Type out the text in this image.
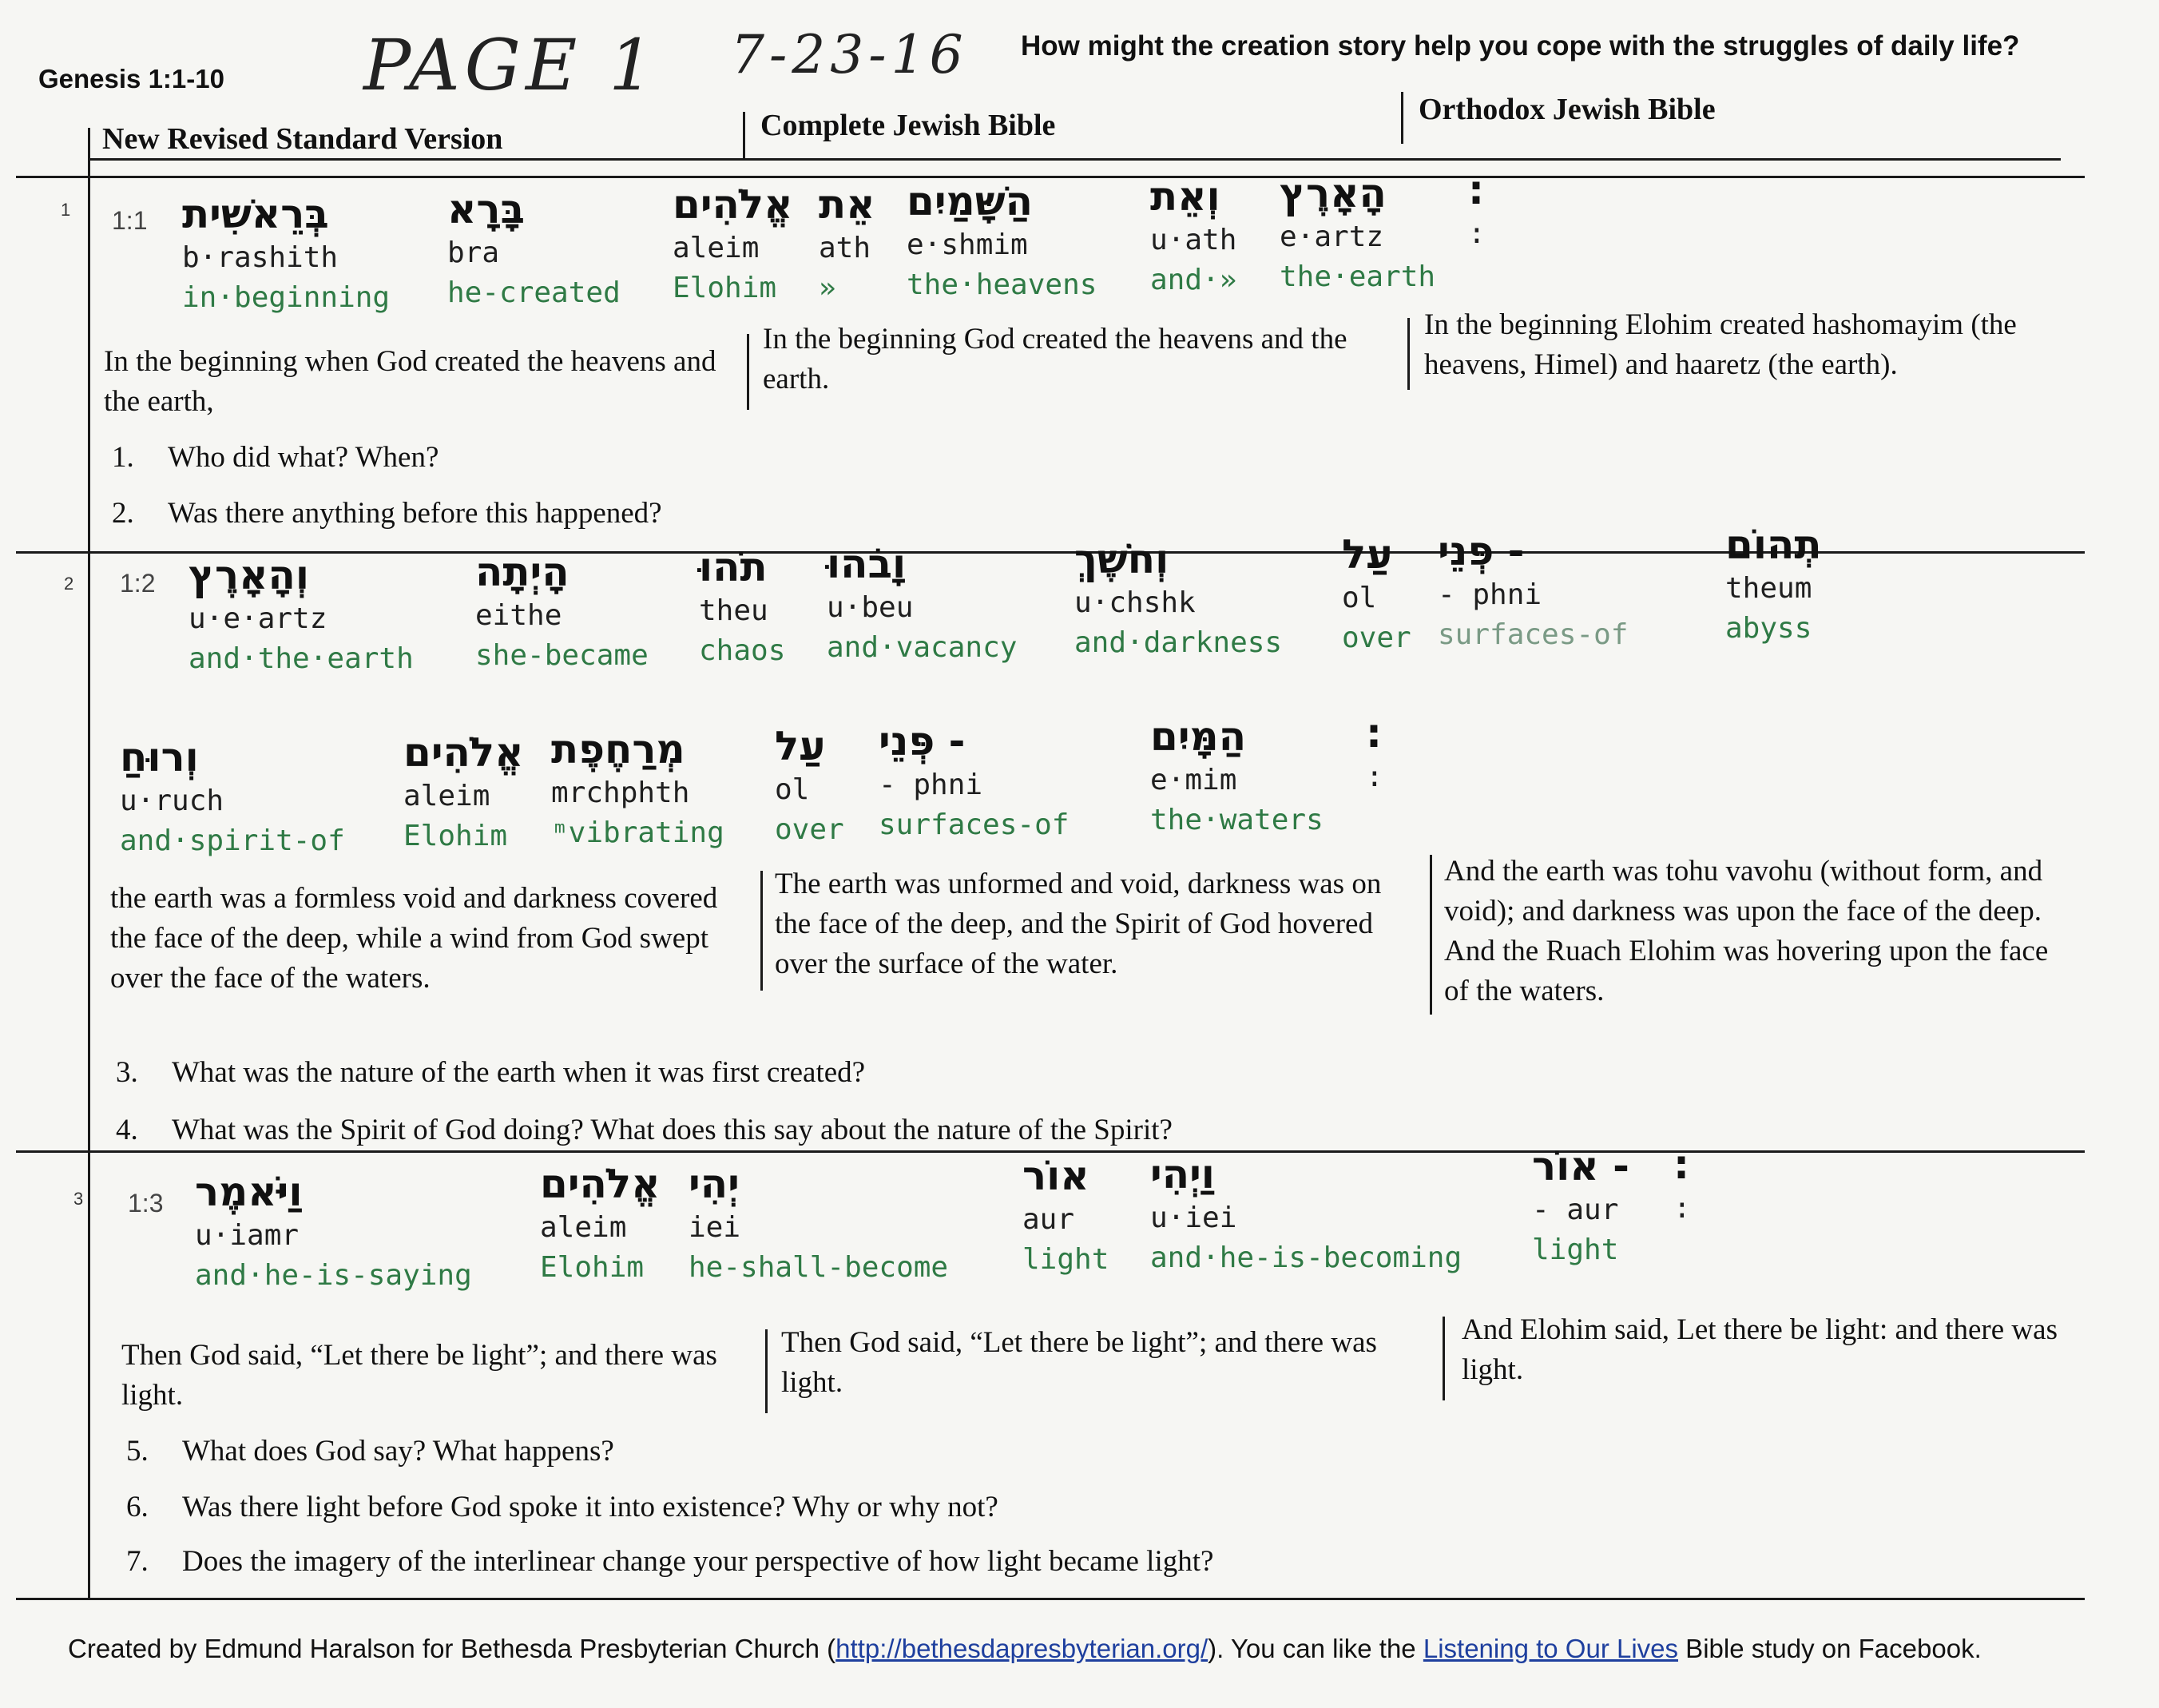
Genesis 1:1-10 PAGE 1 7-23-16 How might the creation story help you cope with the struggles of daily life?
New Revised Standard Version	Complete Jewish Bible	Orthodox Jewish Bible
1 1:1 בְּרֵאשִׁית
b·rashith
in·beginning
בָּרָא
bra
he-created
אֱלֹהִים
aleim
Elohim
אֵת
ath
»
הַשָּׁמַיִם
e·shmim
the·heavens
וְאֵת
u·ath
and·»
הָאָרֶץ
e·artz
the·earth
:
:
In the beginning when God created the heavens and the earth,
In the beginning God created the heavens and the earth.
In the beginning Elohim created hashomayim (the heavens, Himel) and haaretz (the earth).
1. Who did what? When?
2. Was there anything before this happened?
2 1:2 וְהָאָרֶץ
u·e·artz
and·the·earth
הָיְתָה
eithe
she-became
תֹהוּ
theu
chaos
וָבֹהוּ
u·beu
and·vacancy
וְחֹשֶׁךְ
u·chshk
and·darkness
עַל
ol
over
- פְּנֵי
- phni
surfaces-of
תְהוֹם
theum
abyss
וְרוּחַ
u·ruch
and·spirit-of
אֱלֹהִים
aleim
Elohim
מְרַחֶפֶת
mrchphth
ᵐvibrating
עַל
ol
over
- פְּנֵי
- phni
surfaces-of
הַמָּיִם
e·mim
the·waters
:
:
the earth was a formless void and darkness covered the face of the deep, while a wind from God swept over the face of the waters.
The earth was unformed and void, darkness was on the face of the deep, and the Spirit of God hovered over the surface of the water.
And the earth was tohu vavohu (without form, and void); and darkness was upon the face of the deep. And the Ruach Elohim was hovering upon the face of the waters.
3. What was the nature of the earth when it was first created?
4. What was the Spirit of God doing? What does this say about the nature of the Spirit?
3 1:3 וַיֹּאמֶר
u·iamr
and·he-is-saying
אֱלֹהִים
aleim
Elohim
יְהִי
iei
he-shall-become
אוֹר
aur
light
וַיְהִי
u·iei
and·he-is-becoming
- אוֹר
- aur
light
:
:
Then God said, “Let there be light”; and there was light.
Then God said, “Let there be light”; and there was light.
And Elohim said, Let there be light: and there was light.
5. What does God say? What happens?
6. Was there light before God spoke it into existence? Why or why not?
7. Does the imagery of the interlinear change your perspective of how light became light?
Created by Edmund Haralson for Bethesda Presbyterian Church (http://bethesdapresbyterian.org/). You can like the Listening to Our Lives Bible study on Facebook.
